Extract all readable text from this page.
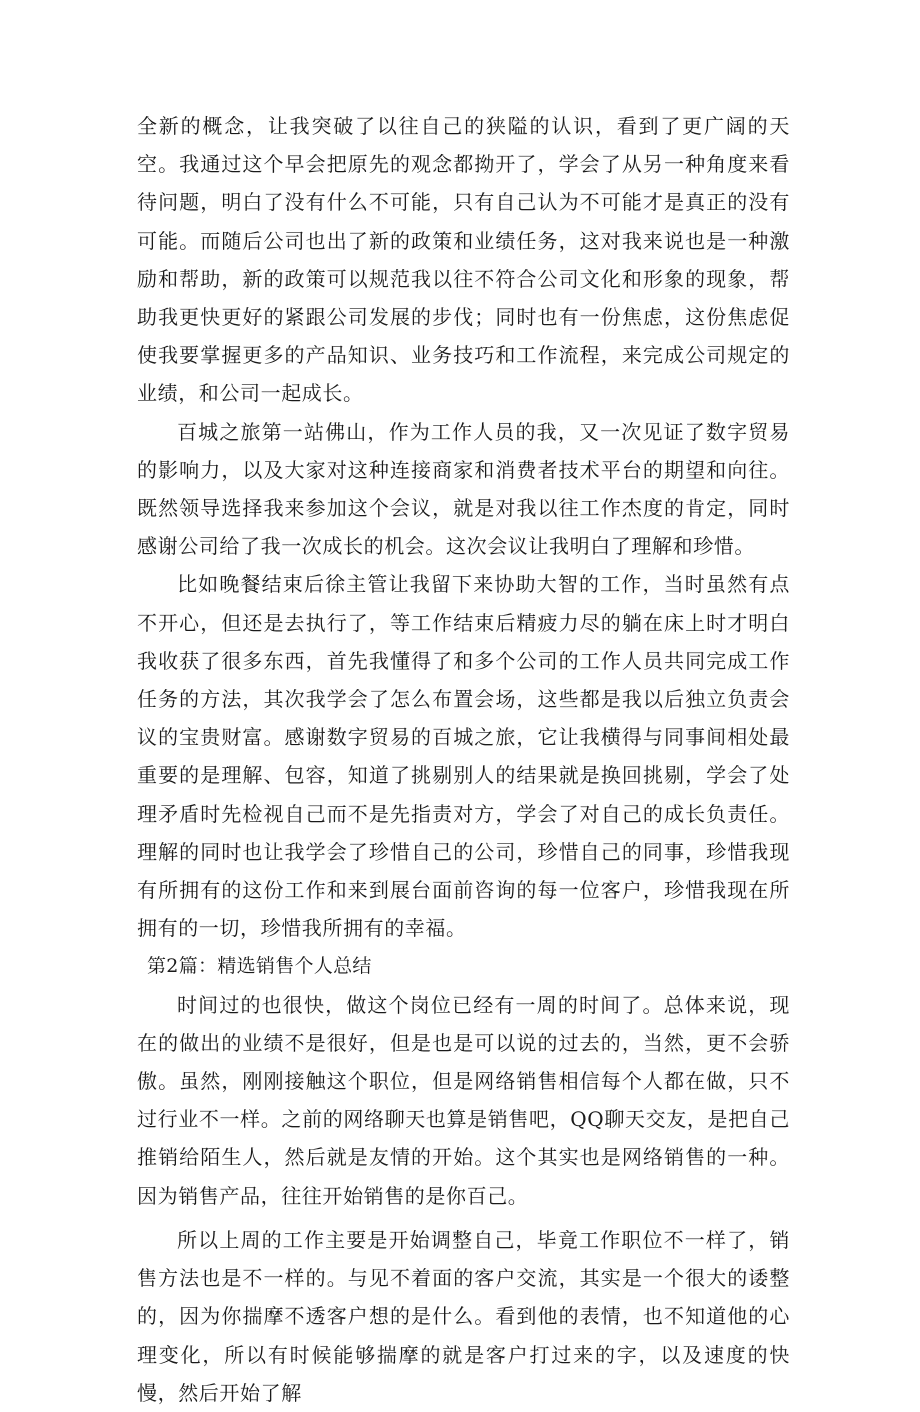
全新的概念，让我突破了以往自己的狭隘的认识，看到了更广阔的天空。我通过这个早会把原先的观念都拗开了，学会了从另一种角度来看待问题，明白了没有什么不可能，只有自己认为不可能才是真正的没有可能。而随后公司也出了新的政策和业绩任务，这对我来说也是一种激励和帮助，新的政策可以规范我以往不符合公司文化和形象的现象，帮助我更快更好的紧跟公司发展的步伐；同时也有一份焦虑，这份焦虑促使我要掌握更多的产品知识、业务技巧和工作流程，来完成公司规定的业绩，和公司一起成长。

百城之旅第一站佛山，作为工作人员的我，又一次见证了数字贸易的影响力，以及大家对这种连接商家和消费者技术平台的期望和向往。既然领导选择我来参加这个会议，就是对我以往工作杰度的肯定，同时感谢公司给了我一次成长的机会。这次会议让我明白了理解和珍惜。

比如晚餐结束后徐主管让我留下来协助大智的工作，当时虽然有点不开心，但还是去执行了，等工作结束后精疲力尽的躺在床上时才明白我收获了很多东西，首先我懂得了和多个公司的工作人员共同完成工作任务的方法，其次我学会了怎么布置会场，这些都是我以后独立负责会议的宝贵财富。感谢数字贸易的百城之旅，它让我横得与同事间相处最重要的是理解、包容，知道了挑剔别人的结果就是换回挑剔，学会了处理矛盾时先检视自己而不是先指责对方，学会了对自己的成长负责任。理解的同时也让我学会了珍惜自己的公司，珍惜自己的同事，珍惜我现有所拥有的这份工作和来到展台面前咨询的每一位客户，珍惜我现在所拥有的一切，珍惜我所拥有的幸福。

第2篇：精选销售个人总结

时间过的也很快，做这个岗位已经有一周的时间了。总体来说，现在的做出的业绩不是很好，但是也是可以说的过去的，当然，更不会骄傲。虽然，刚刚接触这个职位，但是网络销售相信每个人都在做，只不过行业不一样。之前的网络聊天也算是销售吧，QQ聊天交友，是把自己推销给陌生人，然后就是友情的开始。这个其实也是网络销售的一种。因为销售产品，往往开始销售的是你百己。

所以上周的工作主要是开始调整自己，毕竟工作职位不一样了，销售方法也是不一样的。与见不着面的客户交流，其实是一个很大的诿整的，因为你揣摩不透客户想的是什么。看到他的表情，也不知道他的心理变化，所以有时候能够揣摩的就是客户打过来的字，以及速度的快慢，然后开始了解
